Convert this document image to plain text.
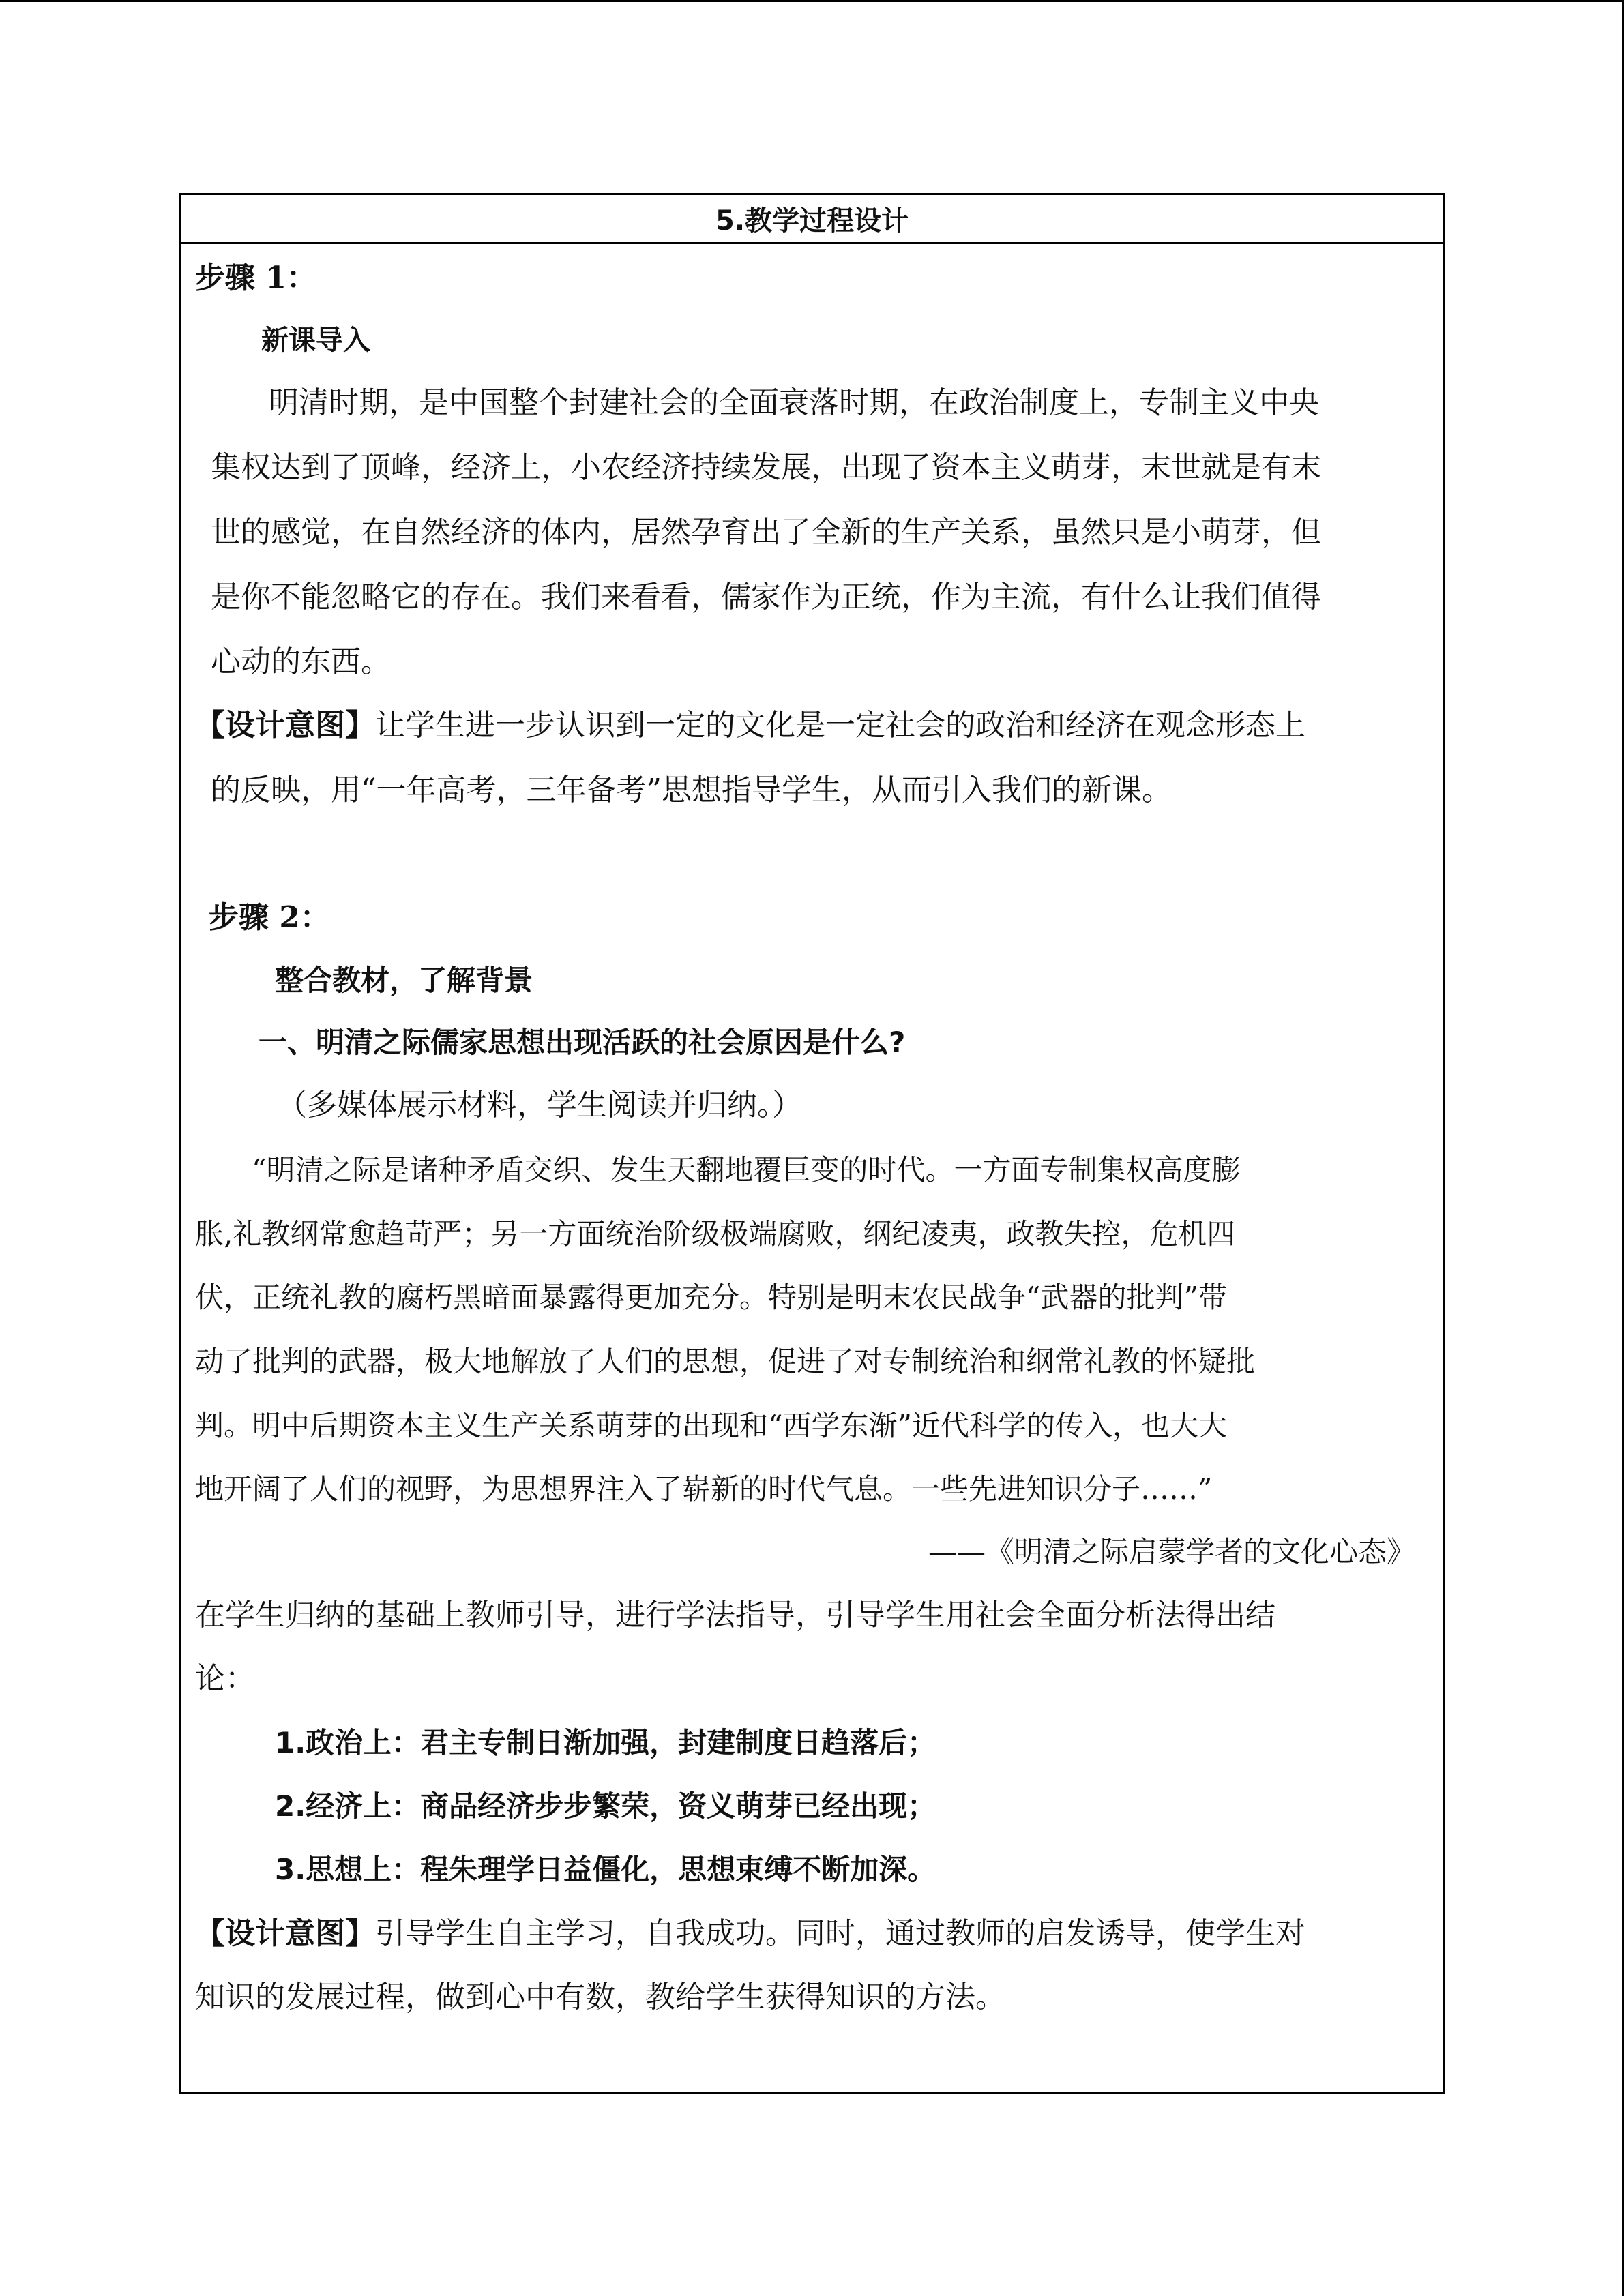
5.教学过程设计
步骤 1：
新课导入
明清时期，是中国整个封建社会的全面衰落时期，在政治制度上，专制主义中央
集权达到了顶峰，经济上，小农经济持续发展，出现了资本主义萌芽，末世就是有末
世的感觉，在自然经济的体内，居然孕育出了全新的生产关系，虽然只是小萌芽，但
是你不能忽略它的存在。我们来看看，儒家作为正统，作为主流，有什么让我们值得
心动的东西。
【设计意图】让学生进一步认识到一定的文化是一定社会的政治和经济在观念形态上
的反映，用“一年高考，三年备考”思想指导学生，从而引入我们的新课。
步骤 2：
整合教材，了解背景
一、明清之际儒家思想出现活跃的社会原因是什么?
（多媒体展示材料，学生阅读并归纳。）
“明清之际是诸种矛盾交织、发生天翻地覆巨变的时代。一方面专制集权高度膨
胀,礼教纲常愈趋苛严；另一方面统治阶级极端腐败，纲纪凌夷，政教失控，危机四
伏，正统礼教的腐朽黑暗面暴露得更加充分。特别是明末农民战争“武器的批判”带
动了批判的武器，极大地解放了人们的思想，促进了对专制统治和纲常礼教的怀疑批
判。明中后期资本主义生产关系萌芽的出现和“西学东渐”近代科学的传入，也大大
地开阔了人们的视野，为思想界注入了崭新的时代气息。一些先进知识分子……”
——《明清之际启蒙学者的文化心态》
在学生归纳的基础上教师引导，进行学法指导，引导学生用社会全面分析法得出结
论：
1.政治上：君主专制日渐加强，封建制度日趋落后；
2.经济上：商品经济步步繁荣，资义萌芽已经出现；
3.思想上：程朱理学日益僵化，思想束缚不断加深。
【设计意图】引导学生自主学习，自我成功。同时，通过教师的启发诱导，使学生对
知识的发展过程，做到心中有数，教给学生获得知识的方法。
